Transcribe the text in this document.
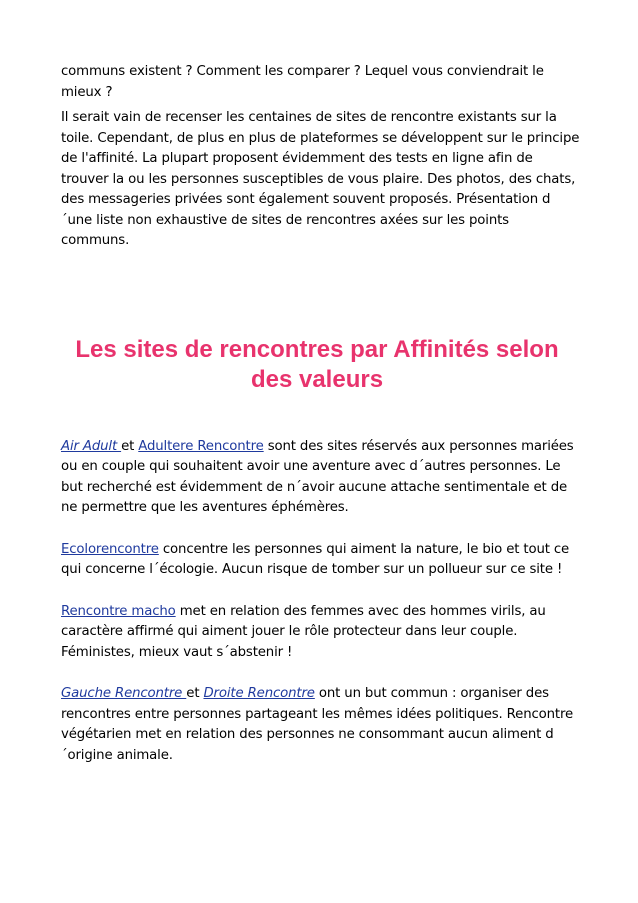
communs existent ? Comment les comparer ? Lequel vous conviendrait le mieux ?

Il serait vain de recenser les centaines de sites de rencontre existants sur la toile. Cependant, de plus en plus de plateformes se développent sur le principe de l'affinité. La plupart proposent évidemment des tests en ligne afin de trouver la ou les personnes susceptibles de vous plaire. Des photos, des chats, des messageries privées sont également souvent proposés. Présentation d´une liste non exhaustive de sites de rencontres axées sur les points communs.

Les sites de rencontres par Affinités selon des valeurs

Air Adult et Adultere Rencontre sont des sites réservés aux personnes mariées ou en couple qui souhaitent avoir une aventure avec d´autres personnes. Le but recherché est évidemment de n´avoir aucune attache sentimentale et de ne permettre que les aventures éphémères.

Ecolorencontre concentre les personnes qui aiment la nature, le bio et tout ce qui concerne l´écologie. Aucun risque de tomber sur un pollueur sur ce site !

Rencontre macho met en relation des femmes avec des hommes virils, au caractère affirmé qui aiment jouer le rôle protecteur dans leur couple. Féministes, mieux vaut s´abstenir !

Gauche Rencontre et Droite Rencontre ont un but commun : organiser des rencontres entre personnes partageant les mêmes idées politiques. Rencontre végétarien met en relation des personnes ne consommant aucun aliment d´origine animale.
